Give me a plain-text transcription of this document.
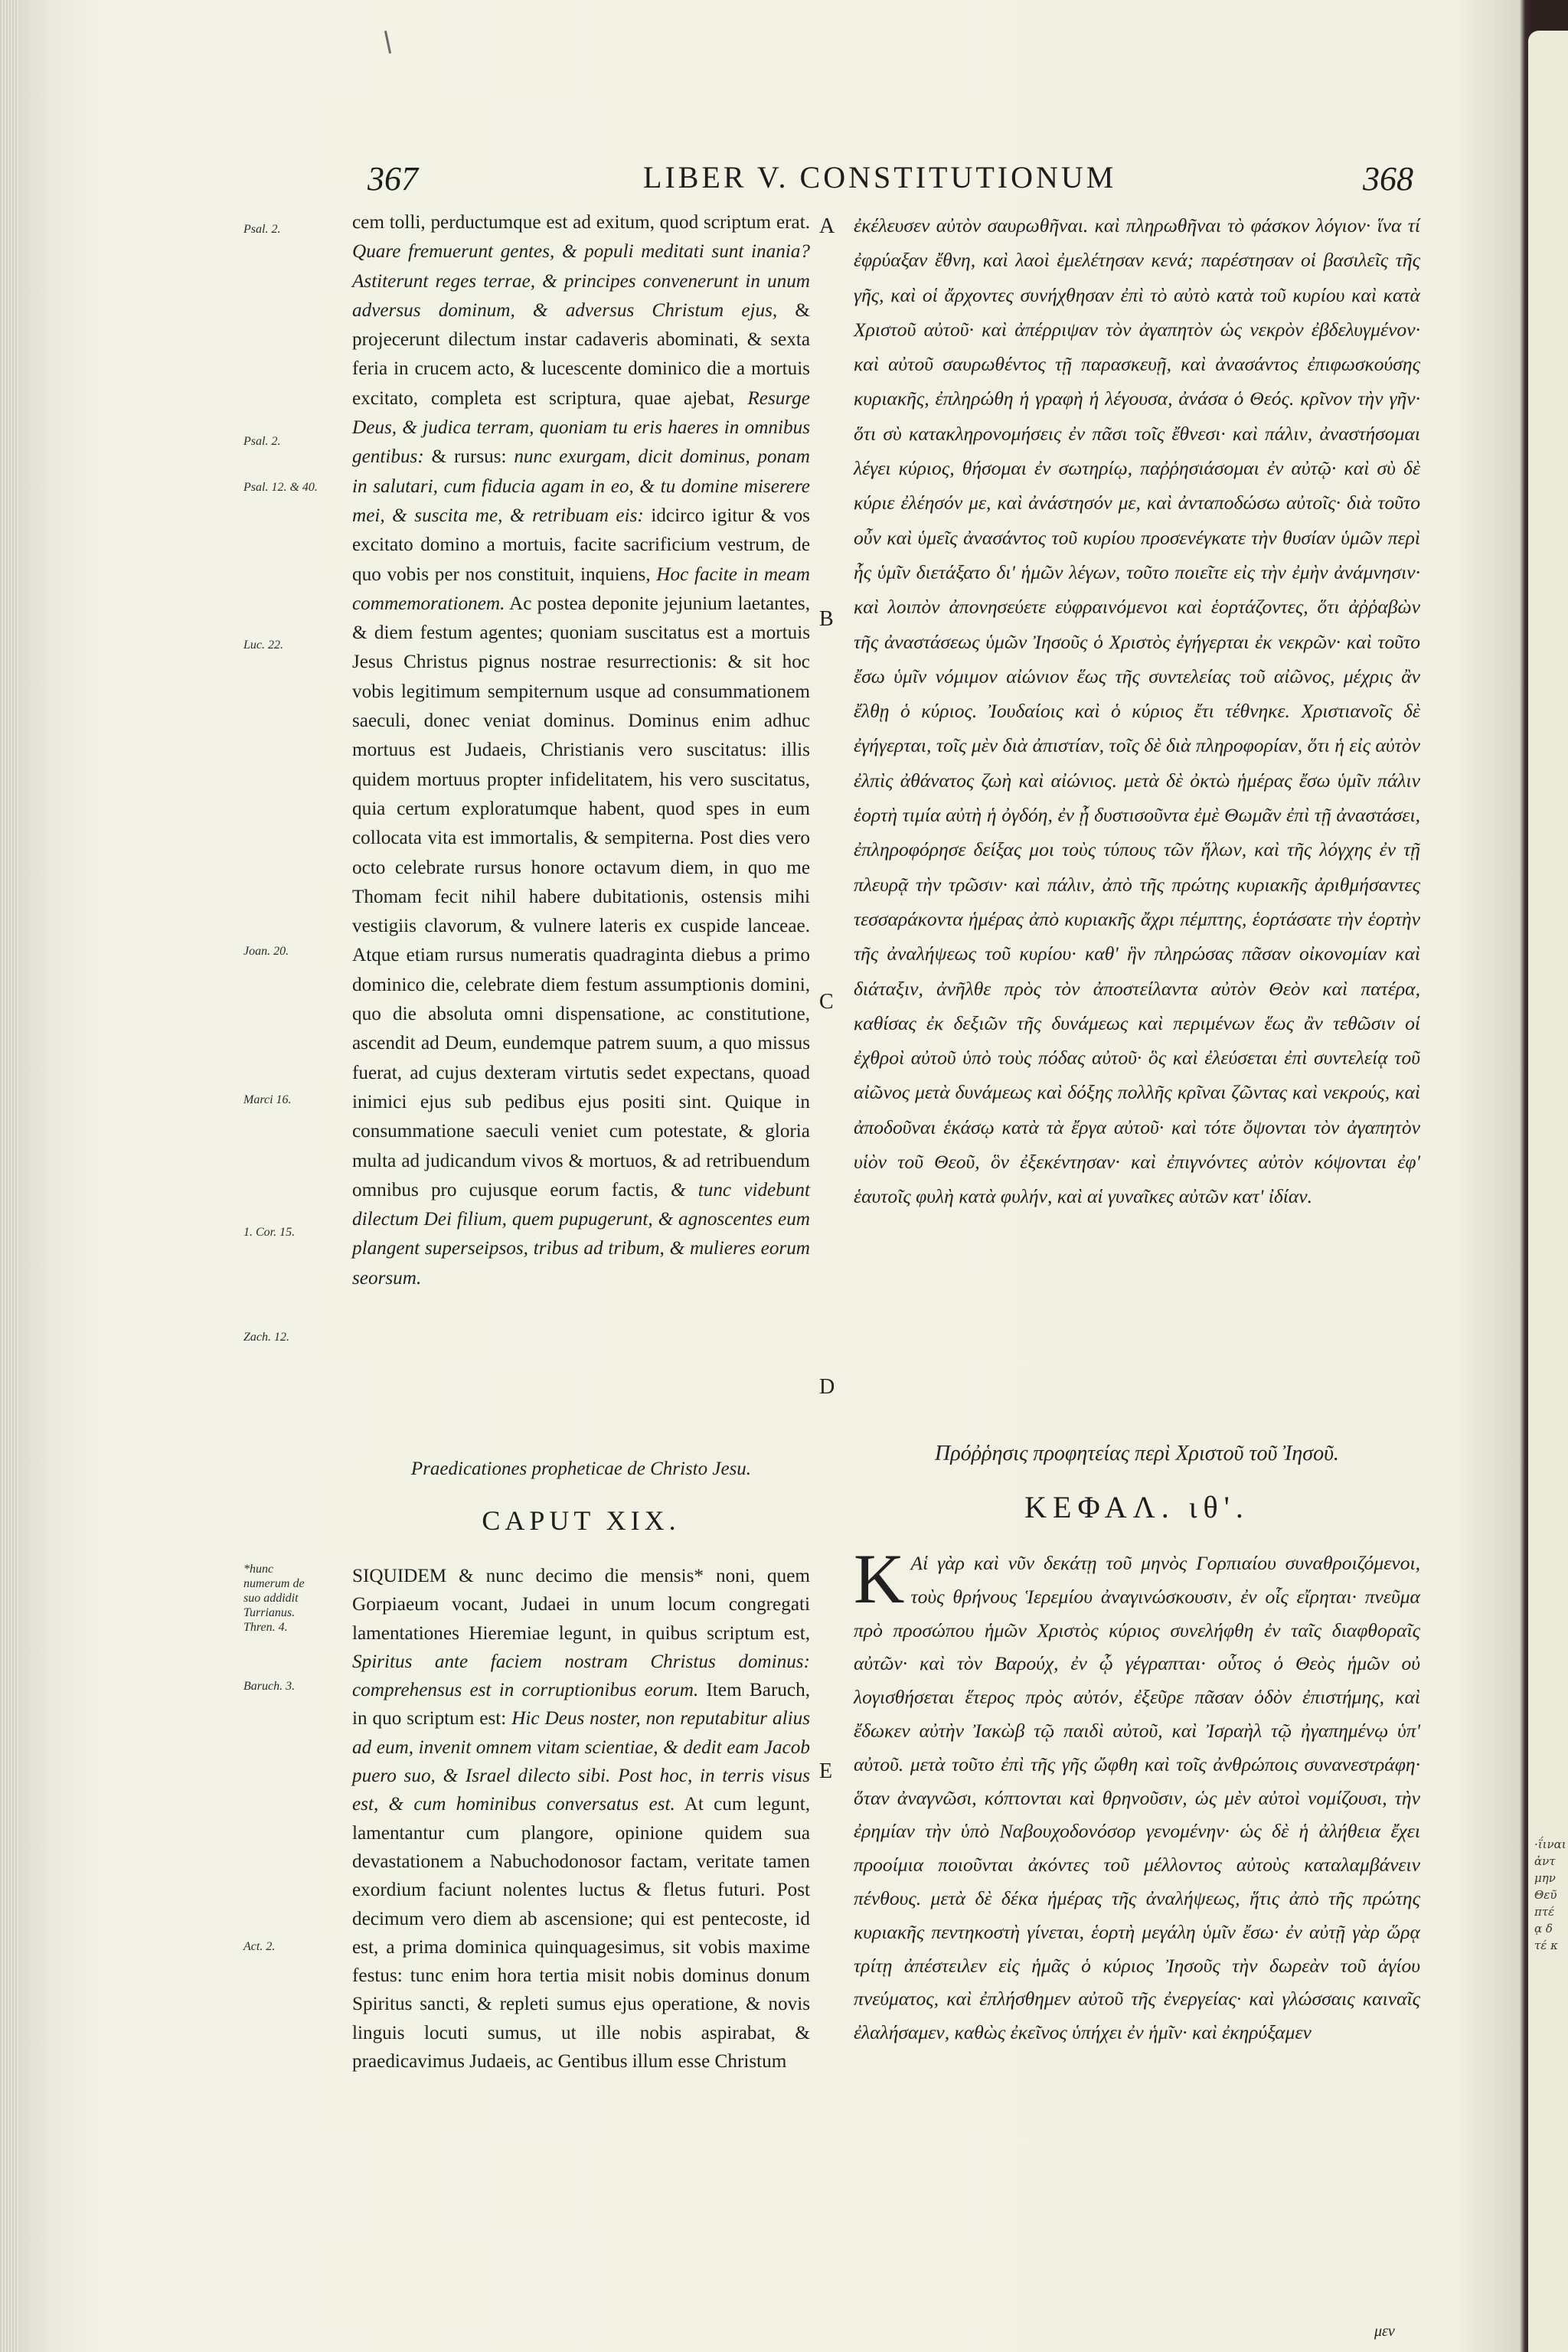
367	LIBER V. CONSTITUTIONUM	368
Psal. 2.
Psal. 2.
Psal. 12. & 40.
Luc. 22.
Joan. 20.
Marci 16.
1. Cor. 15.
Zach. 12.
*hunc numerum de suo addidit Turrianus. Thren. 4.
Baruch. 3.
Act. 2.
A
B
C
D
E

cem tolli, perductumque est ad exitum, quod scriptum erat. Quare fremuerunt gentes, & populi meditati sunt inania? Astiterunt reges terrae, & principes convenerunt in unum adversus dominum, & adversus Christum ejus, & projecerunt dilectum instar cadaveris abominati, & sexta feria in crucem acto, & lucescente dominico die a mortuis excitato, completa est scriptura, quae ajebat, Resurge Deus, & judica terram, quoniam tu eris haeres in omnibus gentibus: & rursus: nunc exurgam, dicit dominus, ponam in salutari, cum fiducia agam in eo, & tu domine miserere mei, & suscita me, & retribuam eis: idcirco igitur & vos excitato domino a mortuis, facite sacrificium vestrum, de quo vobis per nos constituit, inquiens, Hoc facite in meam commemorationem. Ac postea deponite jejunium laetantes, & diem festum agentes; quoniam suscitatus est a mortuis Jesus Christus pignus nostrae resurrectionis: & sit hoc vobis legitimum sempiternum usque ad consummationem saeculi, donec veniat dominus. Dominus enim adhuc mortuus est Judaeis, Christianis vero suscitatus: illis quidem mortuus propter infidelitatem, his vero suscitatus, quia certum exploratumque habent, quod spes in eum collocata vita est immortalis, & sempiterna. Post dies vero octo celebrate rursus honore octavum diem, in quo me Thomam fecit nihil habere dubitationis, ostensis mihi vestigiis clavorum, & vulnere lateris ex cuspide lanceae. Atque etiam rursus numeratis quadraginta diebus a primo dominico die, celebrate diem festum assumptionis domini, quo die absoluta omni dispensatione, ac constitutione, ascendit ad Deum, eundemque patrem suum, a quo missus fuerat, ad cujus dexteram virtutis sedet expectans, quoad inimici ejus sub pedibus ejus positi sint. Quique in consummatione saeculi veniet cum potestate, & gloria multa ad judicandum vivos & mortuos, & ad retribuendum omnibus pro cujusque eorum factis, & tunc videbunt dilectum Dei filium, quem pupugerunt, & agnoscentes eum plangent superseipsos, tribus ad tribum, & mulieres eorum seorsum.

ἐκέλευσεν αὐτὸν σαυρωθῆναι. καὶ πληρωθῆναι τὸ φάσκον λόγιον· ἵνα τί ἐφρύαξαν ἔθνη, καὶ λαοὶ ἐμελέτησαν κενά; παρέστησαν οἱ βασιλεῖς τῆς γῆς, καὶ οἱ ἄρχοντες συνήχθησαν ἐπὶ τὸ αὐτὸ κατὰ τοῦ κυρίου καὶ κατὰ Χριστοῦ αὐτοῦ· καὶ ἀπέρριψαν τὸν ἀγαπητὸν ὡς νεκρὸν ἐβδελυγμένον· καὶ αὐτοῦ σαυρωθέντος τῇ παρασκευῇ, καὶ ἀνασάντος ἐπιφωσκούσης κυριακῆς, ἐπληρώθη ἡ γραφὴ ἡ λέγουσα, ἀνάσα ὁ Θεός. κρῖνον τὴν γῆν· ὅτι σὺ κατακληρονομήσεις ἐν πᾶσι τοῖς ἔθνεσι· καὶ πάλιν, ἀναστήσομαι λέγει κύριος, θήσομαι ἐν σωτηρίῳ, παῤῥησιάσομαι ἐν αὐτῷ· καὶ σὺ δὲ κύριε ἐλέησόν με, καὶ ἀνάστησόν με, καὶ ἀνταποδώσω αὐτοῖς· διὰ τοῦτο οὖν καὶ ὑμεῖς ἀνασάντος τοῦ κυρίου προσενέγκατε τὴν θυσίαν ὑμῶν περὶ ἧς ὑμῖν διετάξατο δι' ἡμῶν λέγων, τοῦτο ποιεῖτε εἰς τὴν ἐμὴν ἀνάμνησιν· καὶ λοιπὸν ἀπονησεύετε εὐφραινόμενοι καὶ ἑορτάζοντες, ὅτι ἀῤῥαβὼν τῆς ἀναστάσεως ὑμῶν Ἰησοῦς ὁ Χριστὸς ἐγήγερται ἐκ νεκρῶν· καὶ τοῦτο ἔσω ὑμῖν νόμιμον αἰώνιον ἕως τῆς συντελείας τοῦ αἰῶνος, μέχρις ἂν ἔλθῃ ὁ κύριος. Ἰουδαίοις καὶ ὁ κύριος ἔτι τέθνηκε. Χριστιανοῖς δὲ ἐγήγερται, τοῖς μὲν διὰ ἀπιστίαν, τοῖς δὲ διὰ πληροφορίαν, ὅτι ἡ εἰς αὐτὸν ἐλπὶς ἀθάνατος ζωὴ καὶ αἰώνιος. μετὰ δὲ ὀκτὼ ἡμέρας ἔσω ὑμῖν πάλιν ἑορτὴ τιμία αὐτὴ ἡ ὀγδόη, ἐν ᾗ δυστισοῦντα ἐμὲ Θωμᾶν ἐπὶ τῇ ἀναστάσει, ἐπληροφόρησε δείξας μοι τοὺς τύπους τῶν ἥλων, καὶ τῆς λόγχης ἐν τῇ πλευρᾷ τὴν τρῶσιν· καὶ πάλιν, ἀπὸ τῆς πρώτης κυριακῆς ἀριθμήσαντες τεσσαράκοντα ἡμέρας ἀπὸ κυριακῆς ἄχρι πέμπτης, ἑορτάσατε τὴν ἑορτὴν τῆς ἀναλήψεως τοῦ κυρίου· καθ' ἣν πληρώσας πᾶσαν οἰκονομίαν καὶ διάταξιν, ἀνῆλθε πρὸς τὸν ἀποστείλαντα αὐτὸν Θεὸν καὶ πατέρα, καθίσας ἐκ δεξιῶν τῆς δυνάμεως καὶ περιμένων ἕως ἂν τεθῶσιν οἱ ἐχθροὶ αὐτοῦ ὑπὸ τοὺς πόδας αὐτοῦ· ὃς καὶ ἐλεύσεται ἐπὶ συντελείᾳ τοῦ αἰῶνος μετὰ δυνάμεως καὶ δόξης πολλῆς κρῖναι ζῶντας καὶ νεκρούς, καὶ ἀποδοῦναι ἑκάσῳ κατὰ τὰ ἔργα αὐτοῦ· καὶ τότε ὄψονται τὸν ἀγαπητὸν υἱὸν τοῦ Θεοῦ, ὃν ἐξεκέντησαν· καὶ ἐπιγνόντες αὐτὸν κόψονται ἐφ' ἑαυτοῖς φυλὴ κατὰ φυλήν, καὶ αἱ γυναῖκες αὐτῶν κατ' ἰδίαν.

Praedicationes propheticae de Christo Jesu.
CAPUT XIX.
Πρόῤῥησις προφητείας περὶ Χριστοῦ τοῦ Ἰησοῦ.
ΚΕΦΑΛ. ιθ'.

SIQUIDEM & nunc decimo die mensis* noni, quem Gorpiaeum vocant, Judaei in unum locum congregati lamentationes Hieremiae legunt, in quibus scriptum est, Spiritus ante faciem nostram Christus dominus: comprehensus est in corruptionibus eorum. Item Baruch, in quo scriptum est: Hic Deus noster, non reputabitur alius ad eum, invenit omnem vitam scientiae, & dedit eam Jacob puero suo, & Israel dilecto sibi. Post hoc, in terris visus est, & cum hominibus conversatus est. At cum legunt, lamentantur cum plangore, opinione quidem sua devastationem a Nabuchodonosor factam, veritate tamen exordium faciunt nolentes luctus & fletus futuri. Post decimum vero diem ab ascensione; qui est pentecoste, id est, a prima dominica quinquagesimus, sit vobis maxime festus: tunc enim hora tertia misit nobis dominus donum Spiritus sancti, & repleti sumus ejus operatione, & novis linguis locuti sumus, ut ille nobis aspirabat, & praedicavimus Judaeis, ac Gentibus illum esse Christum

K Αἱ γὰρ καὶ νῦν δεκάτῃ τοῦ μηνὸς Γορπιαίου συναθροιζόμενοι, τοὺς θρήνους Ἱερεμίου ἀναγινώσκουσιν, ἐν οἷς εἴρηται· πνεῦμα πρὸ προσώπου ἡμῶν Χριστὸς κύριος συνελήφθη ἐν ταῖς διαφθοραῖς αὐτῶν· καὶ τὸν Βαρούχ, ἐν ᾧ γέγραπται· οὗτος ὁ Θεὸς ἡμῶν οὐ λογισθήσεται ἕτερος πρὸς αὐτόν, ἐξεῦρε πᾶσαν ὁδὸν ἐπιστήμης, καὶ ἔδωκεν αὐτὴν Ἰακὼβ τῷ παιδὶ αὐτοῦ, καὶ Ἰσραὴλ τῷ ἠγαπημένῳ ὑπ' αὐτοῦ. μετὰ τοῦτο ἐπὶ τῆς γῆς ὤφθη καὶ τοῖς ἀνθρώποις συνανεστράφη· ὅταν ἀναγνῶσι, κόπτονται καὶ θρηνοῦσιν, ὡς μὲν αὐτοὶ νομίζουσι, τὴν ἐρημίαν τὴν ὑπὸ Ναβουχοδονόσορ γενομένην· ὡς δὲ ἡ ἀλήθεια ἔχει προοίμια ποιοῦνται ἀκόντες τοῦ μέλλοντος αὐτοὺς καταλαμβάνειν πένθους. μετὰ δὲ δέκα ἡμέρας τῆς ἀναλήψεως, ἥτις ἀπὸ τῆς πρώτης κυριακῆς πεντηκοστὴ γίνεται, ἑορτὴ μεγάλη ὑμῖν ἔσω· ἐν αὐτῇ γὰρ ὥρᾳ τρίτῃ ἀπέστειλεν εἰς ἡμᾶς ὁ κύριος Ἰησοῦς τὴν δωρεὰν τοῦ ἁγίου πνεύματος, καὶ ἐπλήσθημεν αὐτοῦ τῆς ἐνεργείας· καὶ γλώσσαις καιναῖς ἐλαλήσαμεν, καθὼς ἐκεῖνος ὑπήχει ἐν ἡμῖν· καὶ ἐκηρύξαμεν
μεν
·ΐιναι
ἀντ
μην
Θεῦ
πτέ
ᾳ δ
τέ κ
